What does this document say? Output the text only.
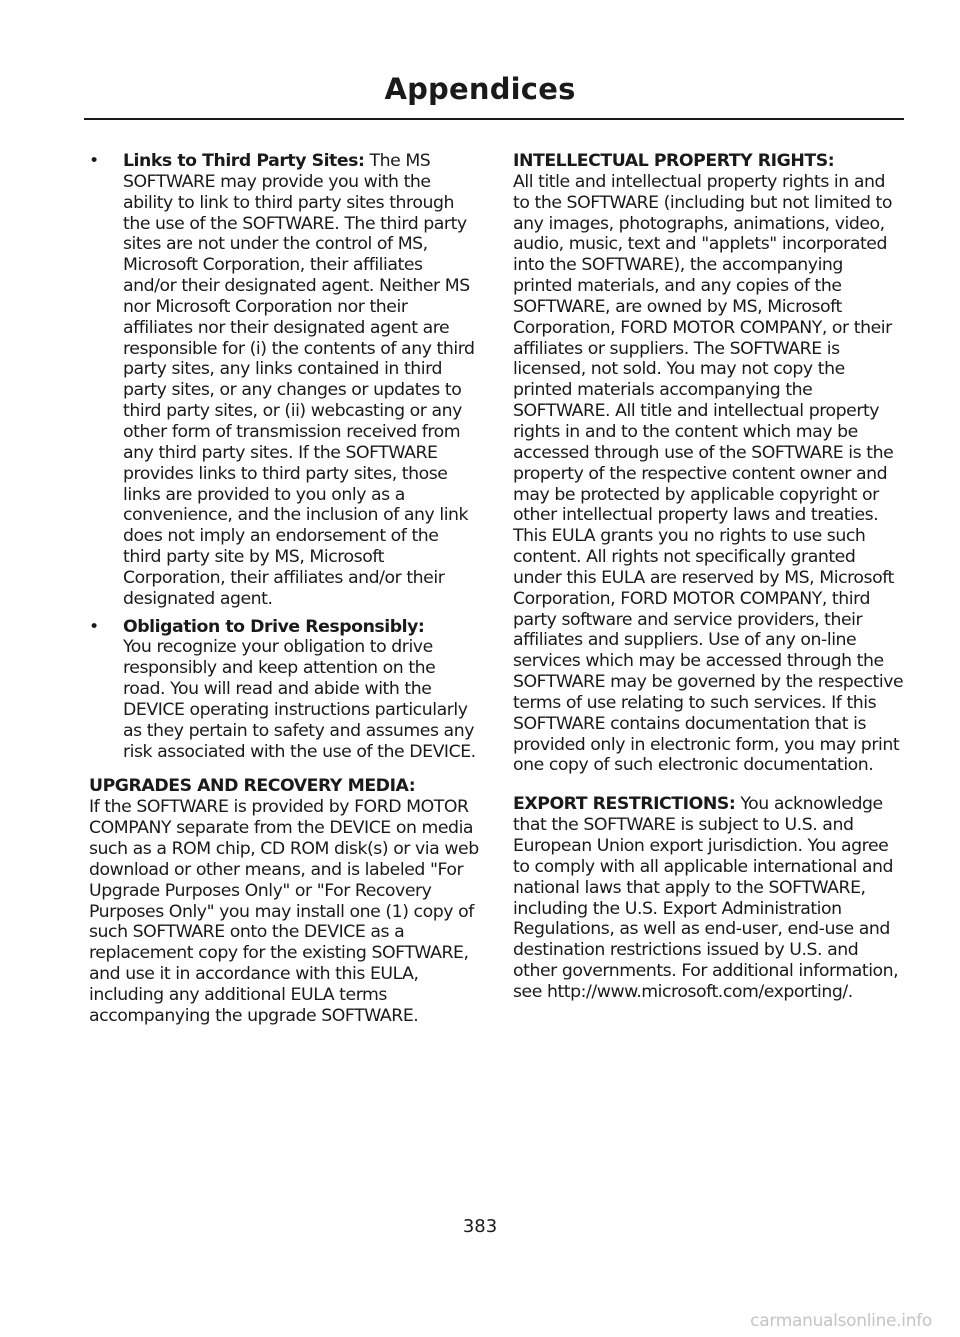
Appendices
• Links to Third Party Sites: The MS SOFTWARE may provide you with the ability to link to third party sites through the use of the SOFTWARE. The third party sites are not under the control of MS, Microsoft Corporation, their affiliates and/or their designated agent. Neither MS nor Microsoft Corporation nor their affiliates nor their designated agent are responsible for (i) the contents of any third party sites, any links contained in third party sites, or any changes or updates to third party sites, or (ii) webcasting or any other form of transmission received from any third party sites. If the SOFTWARE provides links to third party sites, those links are provided to you only as a convenience, and the inclusion of any link does not imply an endorsement of the third party site by MS, Microsoft Corporation, their affiliates and/or their designated agent.
• Obligation to Drive Responsibly:
You recognize your obligation to drive responsibly and keep attention on the road. You will read and abide with the DEVICE operating instructions particularly as they pertain to safety and assumes any risk associated with the use of the DEVICE.

UPGRADES AND RECOVERY MEDIA:
If the SOFTWARE is provided by FORD MOTOR COMPANY separate from the DEVICE on media such as a ROM chip, CD ROM disk(s) or via web download or other means, and is labeled "For Upgrade Purposes Only" or "For Recovery Purposes Only" you may install one (1) copy of such SOFTWARE onto the DEVICE as a replacement copy for the existing SOFTWARE, and use it in accordance with this EULA, including any additional EULA terms accompanying the upgrade SOFTWARE.

INTELLECTUAL PROPERTY RIGHTS:
All title and intellectual property rights in and to the SOFTWARE (including but not limited to any images, photographs, animations, video, audio, music, text and "applets" incorporated into the SOFTWARE), the accompanying printed materials, and any copies of the SOFTWARE, are owned by MS, Microsoft Corporation, FORD MOTOR COMPANY, or their affiliates or suppliers. The SOFTWARE is licensed, not sold. You may not copy the printed materials accompanying the SOFTWARE. All title and intellectual property rights in and to the content which may be accessed through use of the SOFTWARE is the property of the respective content owner and may be protected by applicable copyright or other intellectual property laws and treaties. This EULA grants you no rights to use such content. All rights not specifically granted under this EULA are reserved by MS, Microsoft Corporation, FORD MOTOR COMPANY, third party software and service providers, their affiliates and suppliers. Use of any on-line services which may be accessed through the SOFTWARE may be governed by the respective terms of use relating to such services. If this SOFTWARE contains documentation that is provided only in electronic form, you may print one copy of such electronic documentation.

EXPORT RESTRICTIONS: You acknowledge that the SOFTWARE is subject to U.S. and European Union export jurisdiction. You agree to comply with all applicable international and national laws that apply to the SOFTWARE, including the U.S. Export Administration Regulations, as well as end-user, end-use and destination restrictions issued by U.S. and other governments. For additional information, see http://www.microsoft.com/exporting/.

383
carmanualsonline.info
